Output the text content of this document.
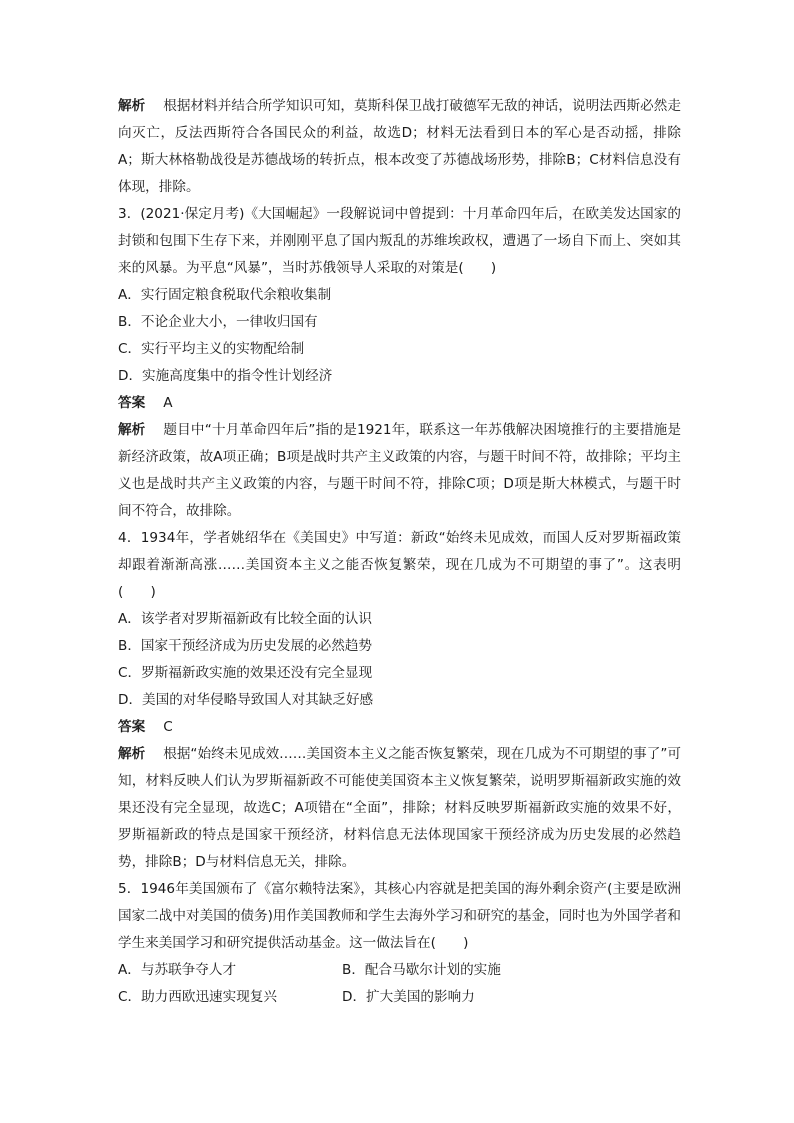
解析 根据材料并结合所学知识可知，莫斯科保卫战打破德军无敌的神话，说明法西斯必然走向灭亡，反法西斯符合各国民众的利益，故选D；材料无法看到日本的军心是否动摇，排除A；斯大林格勒战役是苏德战场的转折点，根本改变了苏德战场形势，排除B；C材料信息没有体现，排除。

3．(2021·保定月考)《大国崛起》一段解说词中曾提到：十月革命四年后，在欧美发达国家的封锁和包围下生存下来，并刚刚平息了国内叛乱的苏维埃政权，遭遇了一场自下而上、突如其来的风暴。为平息“风暴”，当时苏俄领导人采取的对策是(　　)

A．实行固定粮食税取代余粮收集制

B．不论企业大小，一律收归国有

C．实行平均主义的实物配给制

D．实施高度集中的指令性计划经济

答案 A

解析 题目中“十月革命四年后”指的是1921年，联系这一年苏俄解决困境推行的主要措施是新经济政策，故A项正确；B项是战时共产主义政策的内容，与题干时间不符，故排除；平均主义也是战时共产主义政策的内容，与题干时间不符，排除C项；D项是斯大林模式，与题干时间不符合，故排除。

4．1934年，学者姚绍华在《美国史》中写道：新政“始终未见成效，而国人反对罗斯福政策却跟着渐渐高涨……美国资本主义之能否恢复繁荣，现在几成为不可期望的事了”。这表明(　　)

A．该学者对罗斯福新政有比较全面的认识

B．国家干预经济成为历史发展的必然趋势

C．罗斯福新政实施的效果还没有完全显现

D．美国的对华侵略导致国人对其缺乏好感

答案 C

解析 根据“始终未见成效……美国资本主义之能否恢复繁荣，现在几成为不可期望的事了”可知，材料反映人们认为罗斯福新政不可能使美国资本主义恢复繁荣，说明罗斯福新政实施的效果还没有完全显现，故选C；A项错在“全面”，排除；材料反映罗斯福新政实施的效果不好，罗斯福新政的特点是国家干预经济，材料信息无法体现国家干预经济成为历史发展的必然趋势，排除B；D与材料信息无关，排除。

5．1946年美国颁布了《富尔赖特法案》，其核心内容就是把美国的海外剩余资产(主要是欧洲国家二战中对美国的债务)用作美国教师和学生去海外学习和研究的基金，同时也为外国学者和学生来美国学习和研究提供活动基金。这一做法旨在(　　)

A．与苏联争夺人才	B．配合马歇尔计划的实施

C．助力西欧迅速实现复兴	D．扩大美国的影响力
